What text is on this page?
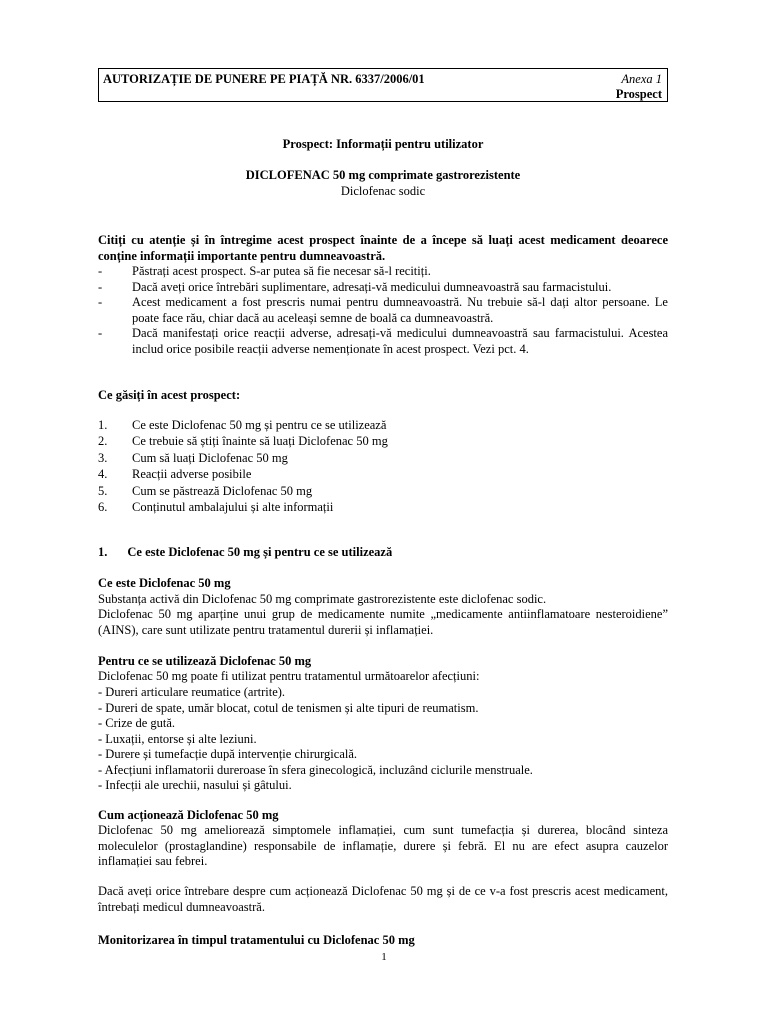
AUTORIZAȚIE DE PUNERE PE PIAȚĂ NR. 6337/2006/01	Anexa 1
Prospect
Prospect: Informații pentru utilizator
DICLOFENAC 50 mg comprimate gastrorezistente
Diclofenac sodic
Citiți cu atenție și în întregime acest prospect înainte de a începe să luați acest medicament deoarece conține informații importante pentru dumneavoastră.
- Păstrați acest prospect. S-ar putea să fie necesar să-l recitiți.
- Dacă aveți orice întrebări suplimentare, adresați-vă medicului dumneavoastră sau farmacistului.
- Acest medicament a fost prescris numai pentru dumneavoastră. Nu trebuie să-l dați altor persoane. Le poate face rău, chiar dacă au aceleași semne de boală ca dumneavoastră.
- Dacă manifestați orice reacții adverse, adresați-vă medicului dumneavoastră sau farmacistului. Acestea includ orice posibile reacții adverse nemenționate în acest prospect. Vezi pct. 4.
Ce găsiți în acest prospect:
1. Ce este Diclofenac 50 mg și pentru ce se utilizează
2. Ce trebuie să știți înainte să luați Diclofenac 50 mg
3. Cum să luați Diclofenac 50 mg
4. Reacții adverse posibile
5. Cum se păstrează Diclofenac 50 mg
6. Conținutul ambalajului și alte informații
1. Ce este Diclofenac 50 mg și pentru ce se utilizează
Ce este Diclofenac 50 mg

Substanța activă din Diclofenac 50 mg comprimate gastrorezistente este diclofenac sodic.

Diclofenac 50 mg aparține unui grup de medicamente numite „medicamente antiinflamatoare nesteroidiene” (AINS), care sunt utilizate pentru tratamentul durerii și inflamației.

Pentru ce se utilizează Diclofenac 50 mg

Diclofenac 50 mg poate fi utilizat pentru tratamentul următoarelor afecțiuni:

- Dureri articulare reumatice (artrite).
- Dureri de spate, umăr blocat, cotul de tenismen și alte tipuri de reumatism.
- Crize de gută.
- Luxații, entorse și alte leziuni.
- Durere și tumefacție după intervenție chirurgicală.
- Afecțiuni inflamatorii dureroase în sfera ginecologică, incluzând ciclurile menstruale.
- Infecții ale urechii, nasului și gâtului.
Cum acționează Diclofenac 50 mg

Diclofenac 50 mg ameliorează simptomele inflamației, cum sunt tumefacția și durerea, blocând sinteza moleculelor (prostaglandine) responsabile de inflamație, durere și febră. El nu are efect asupra cauzelor inflamației sau febrei.

Dacă aveți orice întrebare despre cum acționează Diclofenac 50 mg și de ce v-a fost prescris acest medicament, întrebați medicul dumneavoastră.

Monitorizarea în timpul tratamentului cu Diclofenac 50 mg
1
